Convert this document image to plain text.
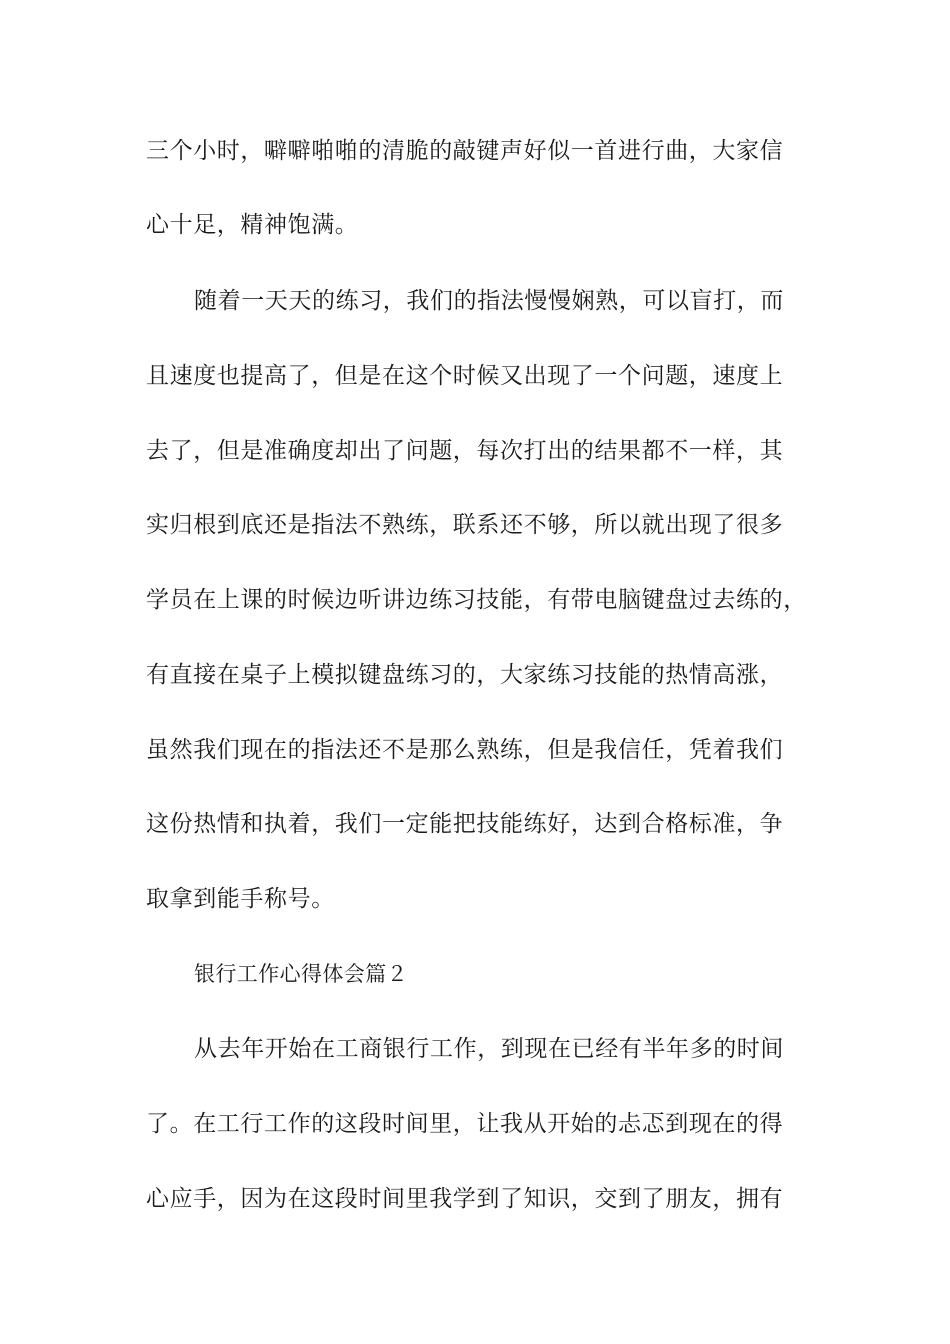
三个小时，噼噼啪啪的清脆的敲键声好似一首进行曲，大家信
心十足，精神饱满。
随着一天天的练习，我们的指法慢慢娴熟，可以盲打，而
且速度也提高了，但是在这个时候又出现了一个问题，速度上
去了，但是准确度却出了问题，每次打出的结果都不一样，其
实归根到底还是指法不熟练，联系还不够，所以就出现了很多
学员在上课的时候边听讲边练习技能，有带电脑键盘过去练的，
有直接在桌子上模拟键盘练习的，大家练习技能的热情高涨，
虽然我们现在的指法还不是那么熟练，但是我信任，凭着我们
这份热情和执着，我们一定能把技能练好，达到合格标准，争
取拿到能手称号。
银行工作心得体会篇２
从去年开始在工商银行工作，到现在已经有半年多的时间
了。在工行工作的这段时间里，让我从开始的忐忑到现在的得
心应手，因为在这段时间里我学到了知识，交到了朋友，拥有
